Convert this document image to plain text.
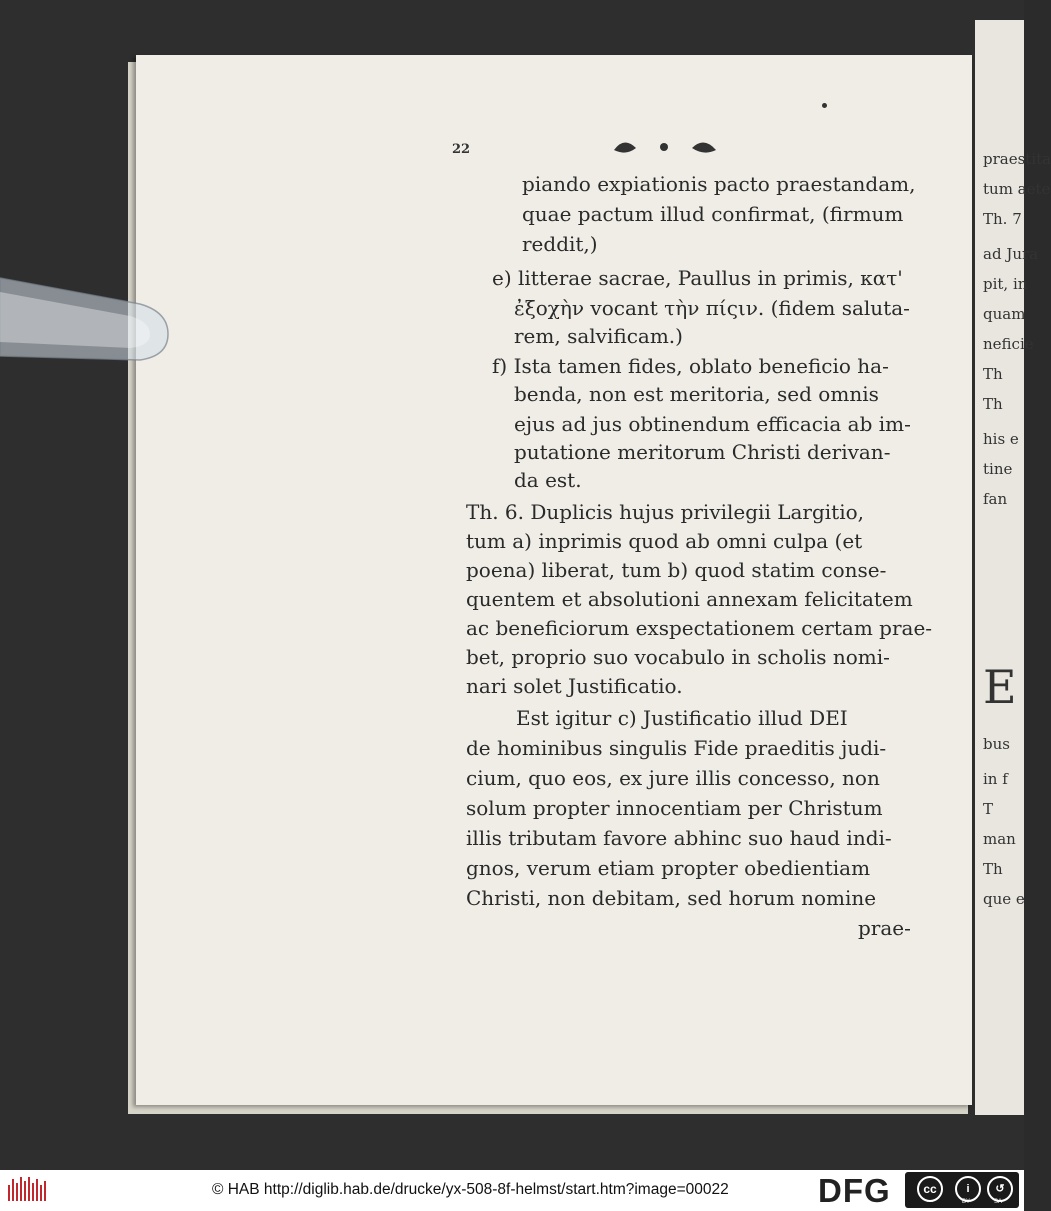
praestita
tum aete
Th. 7
ad Jura
pit, in
quam
neficie
Th
Th
his e
tine
fan
E
bus
in f
T
man
Th
que e
22
piando expiationis pacto praestandam,
quae pactum illud confirmat, (firmum
reddit,)
e) litterae sacrae, Paullus in primis, κατ'
ἐξοχὴν vocant τὴν πίςιν. (fidem saluta-
rem, salvificam.)
f) Ista tamen fides, oblato beneficio ha-
benda, non est meritoria, sed omnis
ejus ad jus obtinendum efficacia ab im-
putatione meritorum Christi derivan-
da est.
Th. 6. Duplicis hujus privilegii Largitio,
tum a) inprimis quod ab omni culpa (et
poena) liberat, tum b) quod statim conse-
quentem et absolutioni annexam felicitatem
ac beneficiorum exspectationem certam prae-
bet, proprio suo vocabulo in scholis nomi-
nari solet Justificatio.
Est igitur c) Justificatio illud DEI
de hominibus singulis Fide praeditis judi-
cium, quo eos, ex jure illis concesso, non
solum propter innocentiam per Christum
illis tributam favore abhinc suo haud indi-
gnos, verum etiam propter obedientiam
Christi, non debitam, sed horum nomine
prae-
© HAB http://diglib.hab.de/drucke/yx-508-8f-helmst/start.htm?image=00022	DFG	cc	i	↺
BY	SA
